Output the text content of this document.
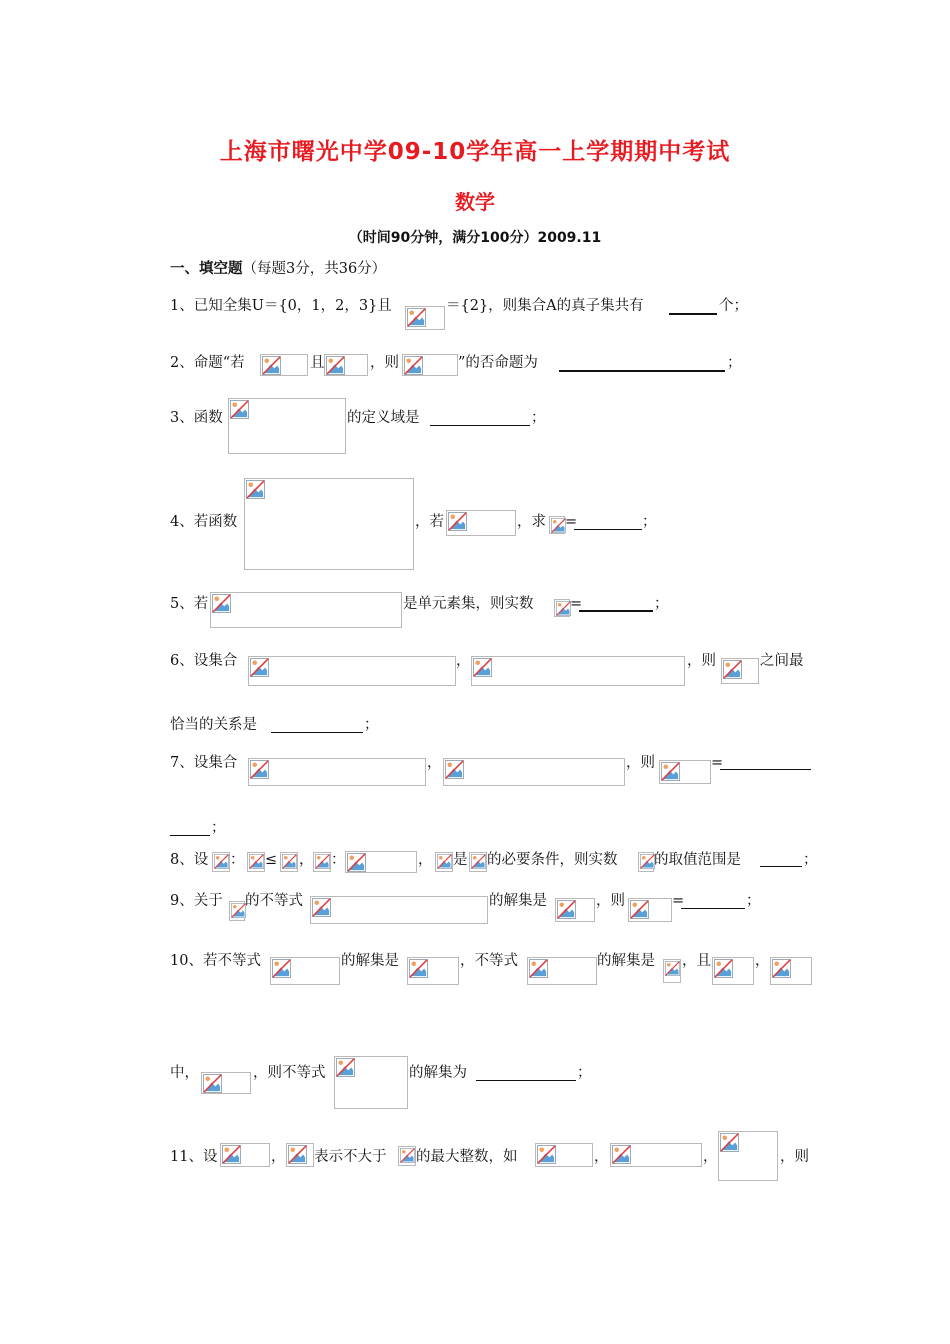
上海市曙光中学09-10学年高一上学期期中考试
数学
（时间90分钟，满分100分）2009.11
一、填空题（每题3分，共36分）
1、已知全集U＝{0，1，2，3}且	＝{2}，则集合A的真子集共有	个；
2、命题“若	且	，则	”的否命题为	；
3、函数	的定义域是	；
4、若函数	，若	，求 =	；
5、若	是单元素集，则实数	=	；
6、设集合	，	，则	之间最
恰当的关系是	；
7、设集合	，	，则	=
；
8、设 ： ≤ ， ：	， 是 的必要条件，则实数	的取值范围是	；
9、关于 的不等式	的解集是	，则	=	；
10、若不等式	的解集是	，不等式	的解集是 ，且	，
中，	，则不等式	的解集为	；
11、设	， 表示不大于 的最大整数，如	，	，	，则
